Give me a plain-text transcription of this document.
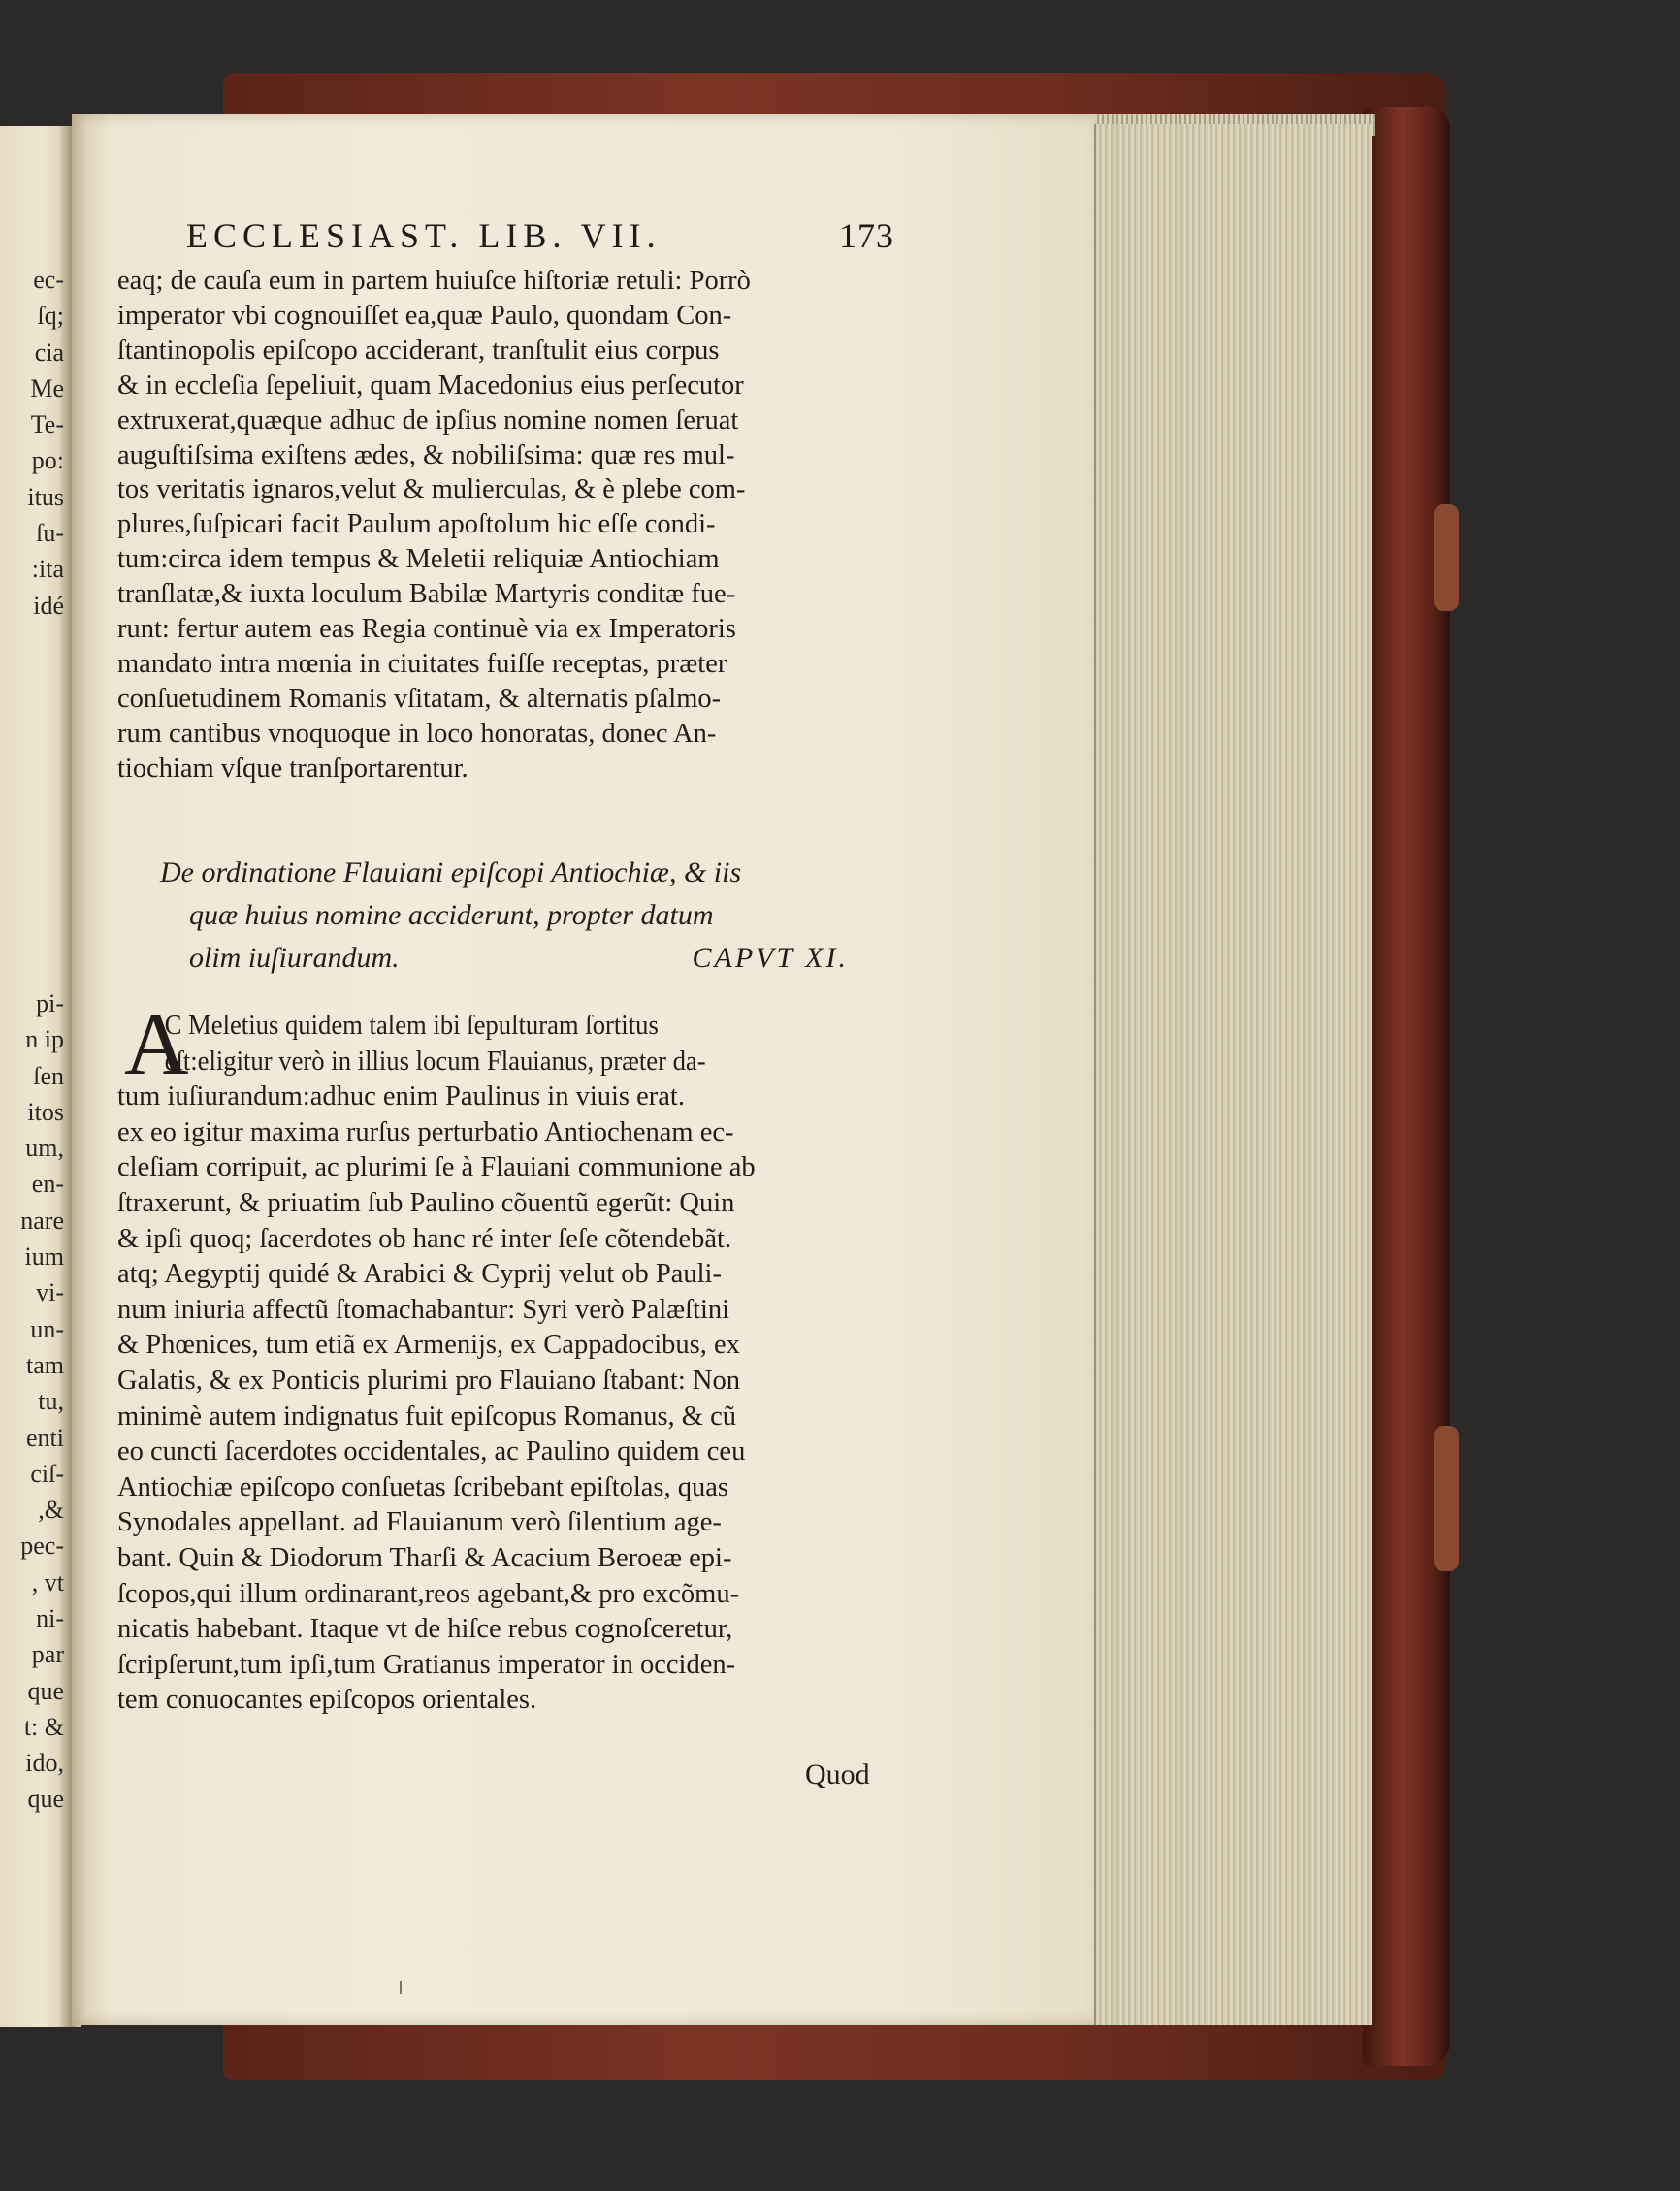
ec-
ſq;
cia
Me
Te-
po:
itus
ſu-
:ita
idé

pi-
n ip
ſen
itos
um,
en-
nare
ium
vi-
un-
tam
tu,
enti
ciſ-
,&
pec-
, vt
ni-
par
que
t: &
ido,
que
ECCLESIAST. LIB. VII.	173
eaq; de cauſa eum in partem huiuſce hiſtoriæ retuli: Porrò
imperator vbi cognouiſſet ea,quæ Paulo, quondam Con-
ſtantinopolis epiſcopo acciderant, tranſtulit eius corpus
& in eccleſia ſepeliuit, quam Macedonius eius perſecutor
extruxerat,quæque adhuc de ipſius nomine nomen ſeruat
auguſtiſsima exiſtens ædes, & nobiliſsima: quæ res mul-
tos veritatis ignaros,velut & mulierculas, & è plebe com-
plures,ſuſpicari facit Paulum apoſtolum hic eſſe condi-
tum:circa idem tempus & Meletii reliquiæ Antiochiam
tranſlatæ,& iuxta loculum Babilæ Martyris conditæ fue-
runt: fertur autem eas Regia continuè via ex Imperatoris
mandato intra mœnia in ciuitates fuiſſe receptas, præter
conſuetudinem Romanis vſitatam, & alternatis pſalmo-
rum cantibus vnoquoque in loco honoratas, donec An-
tiochiam vſque tranſportarentur.
De ordinatione Flauiani epiſcopi Antiochiæ, & iis
quæ huius nomine acciderunt, propter datum
olim iuſiurandum.	CAPVT XI.
A
C Meletius quidem talem ibi ſepulturam ſortitus
eſt:eligitur verò in illius locum Flauianus, præter da-
tum iuſiurandum:adhuc enim Paulinus in viuis erat.
ex eo igitur maxima rurſus perturbatio Antiochenam ec-
cleſiam corripuit, ac plurimi ſe à Flauiani communione ab
ſtraxerunt, & priuatim ſub Paulino cõuentũ egerũt: Quin
& ipſi quoq; ſacerdotes ob hanc ré inter ſeſe cõtendebãt.
atq; Aegyptij quidé & Arabici & Cyprij velut ob Pauli-
num iniuria affectũ ſtomachabantur: Syri verò Palæſtini
& Phœnices, tum etiã ex Armenijs, ex Cappadocibus, ex
Galatis, & ex Ponticis plurimi pro Flauiano ſtabant: Non
minimè autem indignatus fuit epiſcopus Romanus, & cũ
eo cuncti ſacerdotes occidentales, ac Paulino quidem ceu
Antiochiæ epiſcopo conſuetas ſcribebant epiſtolas, quas
Synodales appellant. ad Flauianum verò ſilentium age-
bant. Quin & Diodorum Tharſi & Acacium Beroeæ epi-
ſcopos,qui illum ordinarant,reos agebant,& pro excõmu-
nicatis habebant. Itaque vt de hiſce rebus cognoſceretur,
ſcripſerunt,tum ipſi,tum Gratianus imperator in occiden-
tem conuocantes epiſcopos orientales.
Quod
